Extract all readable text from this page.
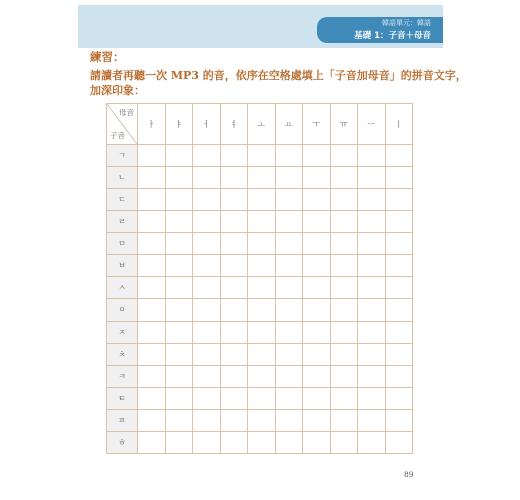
韓語單元：韓語
基礎 1：子音＋母音
練習：
請讀者再聽一次 MP3 的音，依序在空格處填上「子音加母音」的拼音文字，
加深印象：
母音
子音	ㅏ	ㅑ	ㅓ	ㅕ	ㅗ	ㅛ	ㅜ	ㅠ	ㅡ	ㅣ
ㄱ										
ㄴ										
ㄷ										
ㄹ										
ㅁ										
ㅂ										
ㅅ										
ㅇ										
ㅈ										
ㅊ										
ㅋ										
ㅌ										
ㅍ										
ㅎ										
89
